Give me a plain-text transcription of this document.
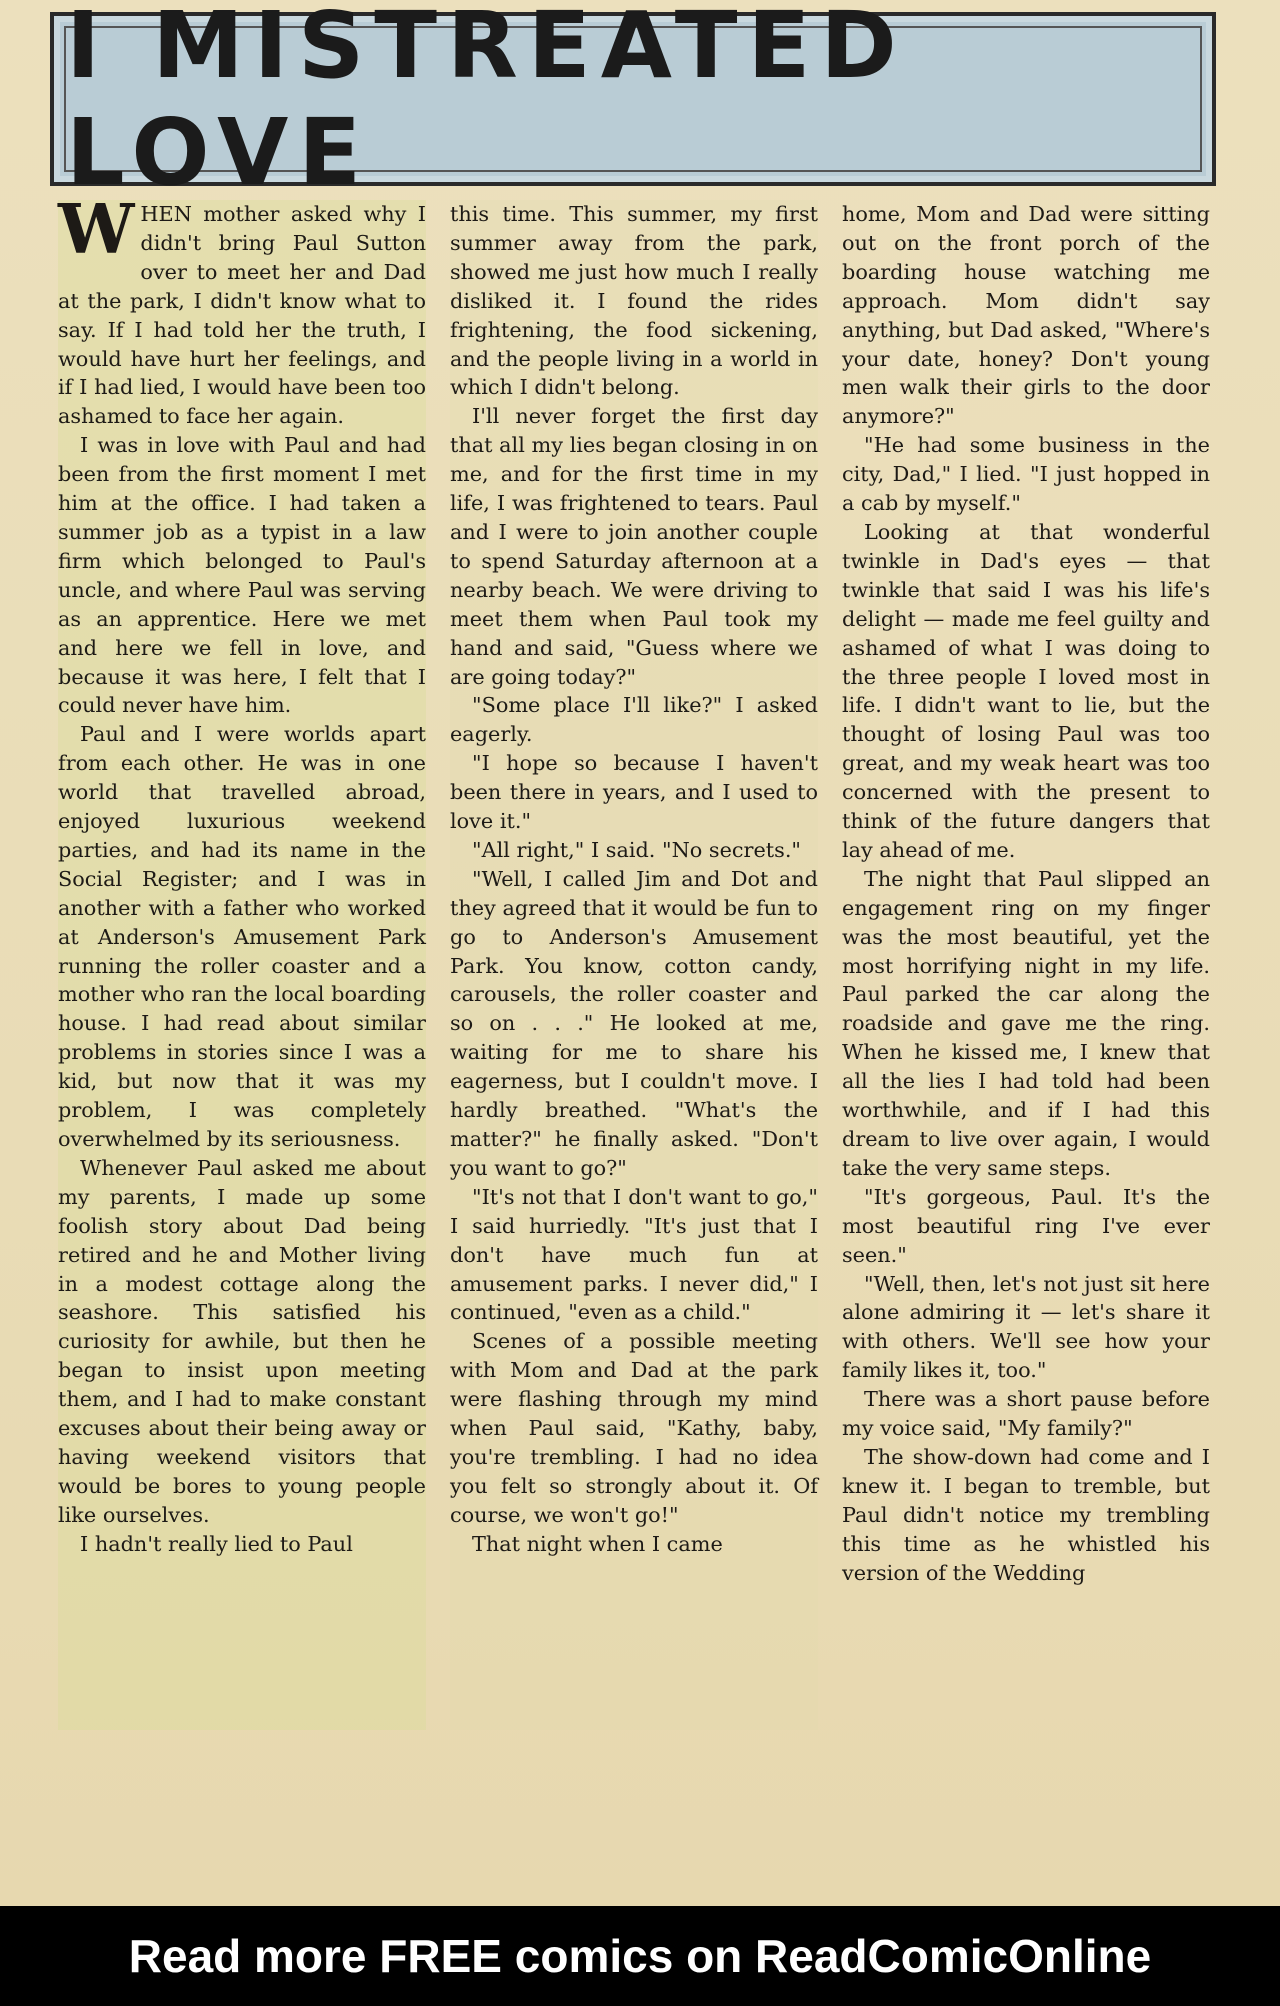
I MISTREATED LOVE

WHEN mother asked why I didn't bring Paul Sutton over to meet her and Dad at the park, I didn't know what to say. If I had told her the truth, I would have hurt her feelings, and if I had lied, I would have been too ashamed to face her again.

I was in love with Paul and had been from the first moment I met him at the office. I had taken a summer job as a typist in a law firm which belonged to Paul's uncle, and where Paul was serving as an apprentice. Here we met and here we fell in love, and because it was here, I felt that I could never have him.

Paul and I were worlds apart from each other. He was in one world that travelled abroad, enjoyed luxurious weekend parties, and had its name in the Social Register; and I was in another with a father who worked at Anderson's Amusement Park running the roller coaster and a mother who ran the local boarding house. I had read about similar problems in stories since I was a kid, but now that it was my problem, I was completely overwhelmed by its seriousness.

Whenever Paul asked me about my parents, I made up some foolish story about Dad being retired and he and Mother living in a modest cottage along the seashore. This satisfied his curiosity for awhile, but then he began to insist upon meeting them, and I had to make constant excuses about their being away or having weekend visitors that would be bores to young people like ourselves.

I hadn't really lied to Paul

this time. This summer, my first summer away from the park, showed me just how much I really disliked it. I found the rides frightening, the food sickening, and the people living in a world in which I didn't belong.

I'll never forget the first day that all my lies began closing in on me, and for the first time in my life, I was frightened to tears. Paul and I were to join another couple to spend Saturday afternoon at a nearby beach. We were driving to meet them when Paul took my hand and said, "Guess where we are going today?"

"Some place I'll like?" I asked eagerly.

"I hope so because I haven't been there in years, and I used to love it."

"All right," I said. "No secrets."

"Well, I called Jim and Dot and they agreed that it would be fun to go to Anderson's Amusement Park. You know, cotton candy, carousels, the roller coaster and so on . . ." He looked at me, waiting for me to share his eagerness, but I couldn't move. I hardly breathed. "What's the matter?" he finally asked. "Don't you want to go?"

"It's not that I don't want to go," I said hurriedly. "It's just that I don't have much fun at amusement parks. I never did," I continued, "even as a child."

Scenes of a possible meeting with Mom and Dad at the park were flashing through my mind when Paul said, "Kathy, baby, you're trembling. I had no idea you felt so strongly about it. Of course, we won't go!"

That night when I came

home, Mom and Dad were sitting out on the front porch of the boarding house watching me approach. Mom didn't say anything, but Dad asked, "Where's your date, honey? Don't young men walk their girls to the door anymore?"

"He had some business in the city, Dad," I lied. "I just hopped in a cab by myself."

Looking at that wonderful twinkle in Dad's eyes — that twinkle that said I was his life's delight — made me feel guilty and ashamed of what I was doing to the three people I loved most in life. I didn't want to lie, but the thought of losing Paul was too great, and my weak heart was too concerned with the present to think of the future dangers that lay ahead of me.

The night that Paul slipped an engagement ring on my finger was the most beautiful, yet the most horrifying night in my life. Paul parked the car along the roadside and gave me the ring. When he kissed me, I knew that all the lies I had told had been worthwhile, and if I had this dream to live over again, I would take the very same steps.

"It's gorgeous, Paul. It's the most beautiful ring I've ever seen."

"Well, then, let's not just sit here alone admiring it — let's share it with others. We'll see how your family likes it, too."

There was a short pause before my voice said, "My family?"

The show-down had come and I knew it. I began to tremble, but Paul didn't notice my trembling this time as he whistled his version of the Wedding

Read more FREE comics on ReadComicOnline
